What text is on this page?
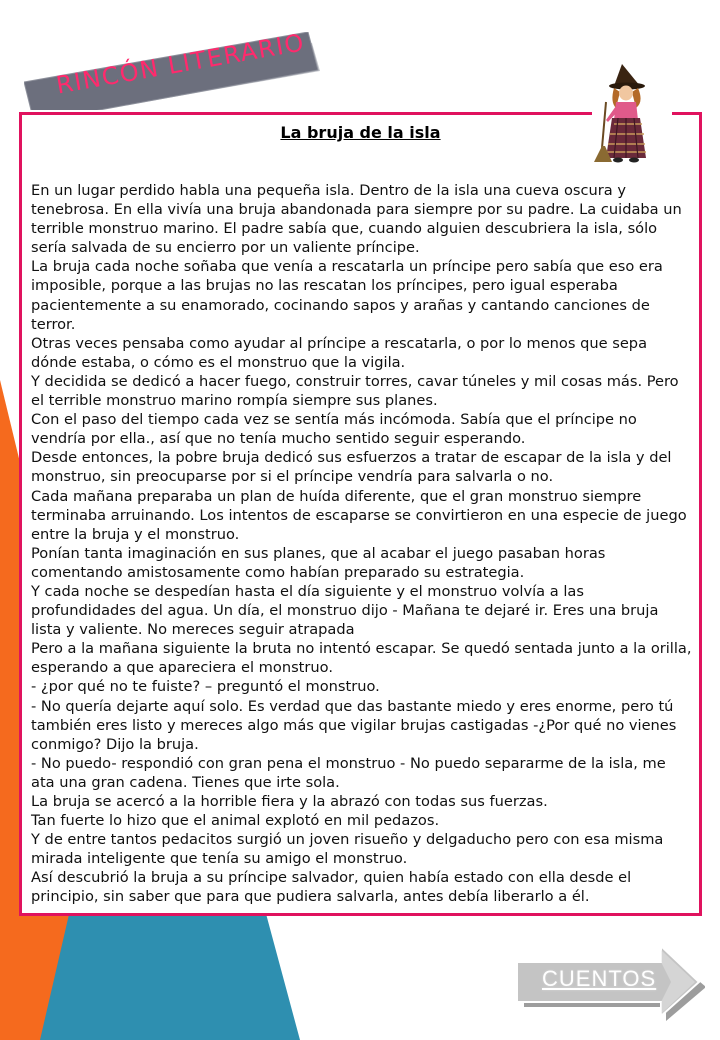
La bruja de la isla

En un lugar perdido habla una pequeña isla. Dentro de la isla una cueva oscura y tenebrosa. En ella vivía una bruja abandonada para siempre por su padre. La cuidaba un terrible monstruo marino. El padre sabía que, cuando alguien descubriera la isla, sólo sería salvada de su encierro por un valiente príncipe.

La bruja cada noche soñaba que venía a rescatarla un príncipe pero sabía que eso era imposible, porque a las brujas no las rescatan los príncipes, pero igual esperaba pacientemente a su enamorado, cocinando sapos y arañas y cantando canciones de terror.

Otras veces pensaba como ayudar al príncipe a rescatarla, o por lo menos que sepa dónde estaba, o cómo es el monstruo que la vigila.

Y decidida se dedicó a hacer fuego, construir torres, cavar túneles y mil cosas más. Pero el terrible monstruo marino rompía siempre sus planes.

Con el paso del tiempo cada vez se sentía más incómoda. Sabía que el príncipe no vendría por ella., así que no tenía mucho sentido seguir esperando.

Desde entonces, la pobre bruja dedicó sus esfuerzos a tratar de escapar de la isla y del monstruo, sin preocuparse por si el príncipe vendría para salvarla o no.

Cada mañana preparaba un plan de huída diferente, que el gran monstruo siempre terminaba arruinando. Los intentos de escaparse se convirtieron en una especie de juego entre la bruja y el monstruo.

Ponían tanta imaginación en sus planes, que al acabar el juego pasaban horas comentando amistosamente como habían preparado su estrategia.

Y cada noche se despedían hasta el día siguiente y el monstruo volvía a las profundidades del agua. Un día, el monstruo dijo - Mañana te dejaré ir. Eres una bruja lista y valiente. No mereces seguir atrapada

Pero a la mañana siguiente la bruta no intentó escapar. Se quedó sentada junto a la orilla, esperando a que apareciera el monstruo.

- ¿por qué no te fuiste? – preguntó el monstruo.

- No quería dejarte aquí solo. Es verdad que das bastante miedo y eres enorme, pero tú también eres listo y mereces algo más que vigilar brujas castigadas -¿Por qué no vienes conmigo? Dijo la bruja.

- No puedo- respondió con gran pena el monstruo - No puedo separarme de la isla, me ata una gran cadena. Tienes que irte sola.

La bruja se acercó a la horrible fiera y la abrazó con todas sus fuerzas.

Tan fuerte lo hizo que el animal explotó en mil pedazos.

Y de entre tantos pedacitos surgió un joven risueño y delgaducho pero con esa misma mirada inteligente que tenía su amigo el monstruo.

Así descubrió la bruja a su príncipe salvador, quien había estado con ella desde el principio, sin saber que para que pudiera salvarla, antes debía liberarlo a él.

RINCÓN LITERARIO
CUENTOS
